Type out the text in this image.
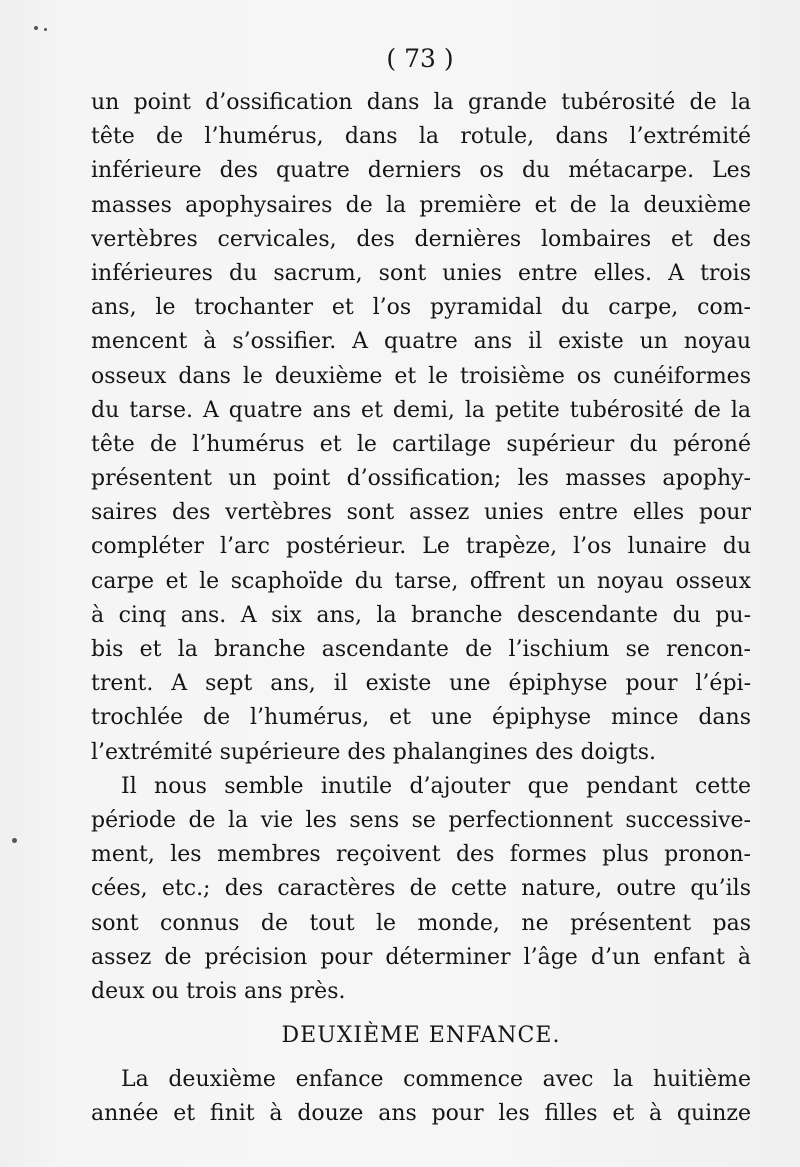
( 73 )
un point d’ossification dans la grande tubérosité de la
tête de l’humérus, dans la rotule, dans l’extrémité
inférieure des quatre derniers os du métacarpe. Les
masses apophysaires de la première et de la deuxième
vertèbres cervicales, des dernières lombaires et des
inférieures du sacrum, sont unies entre elles. A trois
ans, le trochanter et l’os pyramidal du carpe, com-
mencent à s’ossifier. A quatre ans il existe un noyau
osseux dans le deuxième et le troisième os cunéiformes
du tarse. A quatre ans et demi, la petite tubérosité de la
tête de l’humérus et le cartilage supérieur du péroné
présentent un point d’ossification; les masses apophy-
saires des vertèbres sont assez unies entre elles pour
compléter l’arc postérieur. Le trapèze, l’os lunaire du
carpe et le scaphoïde du tarse, offrent un noyau osseux
à cinq ans. A six ans, la branche descendante du pu-
bis et la branche ascendante de l’ischium se rencon-
trent. A sept ans, il existe une épiphyse pour l’épi-
trochlée de l’humérus, et une épiphyse mince dans
l’extrémité supérieure des phalangines des doigts.
Il nous semble inutile d’ajouter que pendant cette
période de la vie les sens se perfectionnent successive-
ment, les membres reçoivent des formes plus pronon-
cées, etc.; des caractères de cette nature, outre qu’ils
sont connus de tout le monde, ne présentent pas
assez de précision pour déterminer l’âge d’un enfant à
deux ou trois ans près.
DEUXIÈME ENFANCE.
La deuxième enfance commence avec la huitième
année et finit à douze ans pour les filles et à quinze
